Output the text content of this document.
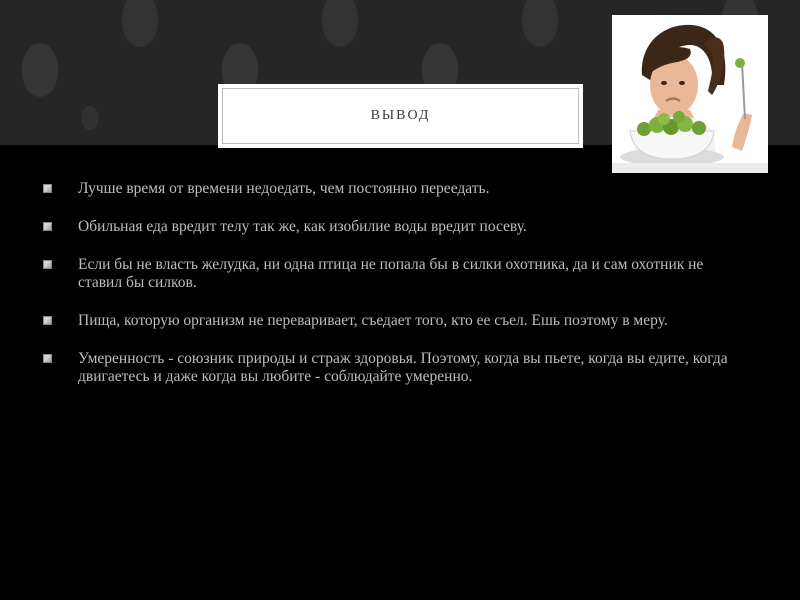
ВЫВОД
Лучше время от времени недоедать, чем постоянно переедать.
Обильная еда вредит телу так же, как изобилие воды вредит посеву.
Если бы не власть желудка, ни одна птица не попала бы в силки охотника, да и сам охотник не ставил бы силков.
Пища, которую организм не переваривает, съедает того, кто ее съел. Ешь поэтому в меру.
Умеренность - союзник природы и страж здоровья. Поэтому, когда вы пьете, когда вы едите, когда двигаетесь и даже когда вы любите - соблюдайте умеренно.
